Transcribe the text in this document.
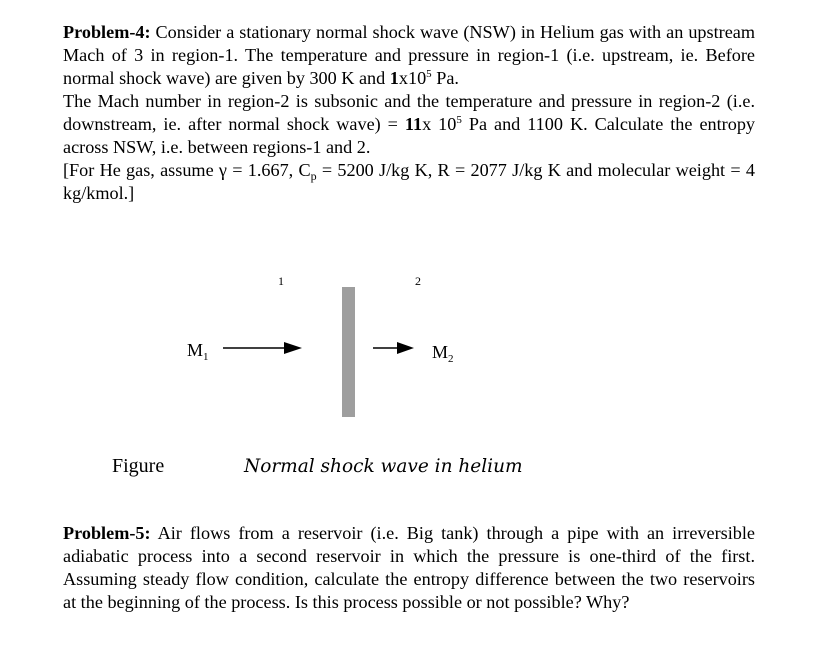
Problem-4: Consider a stationary normal shock wave (NSW) in Helium gas with an upstream Mach of 3 in region-1. The temperature and pressure in region-1 (i.e. upstream, ie. Before normal shock wave) are given by 300 K and $1x10^5$ Pa.

The Mach number in region-2 is subsonic and the temperature and pressure in region-2 (i.e. downstream, ie. after normal shock wave) = 11x $10^5$ Pa and 1100 K. Calculate the entropy across NSW, i.e. between regions-1 and 2.

[For He gas, assume γ = 1.667, $C_p = 5200$ J/kg K, R = 2077 J/kg K and molecular weight = 4 kg/kmol.]

1	2
$M_1$	$M_2$
Figure	Normal shock wave in helium

Problem-5: Air flows from a reservoir (i.e. Big tank) through a pipe with an irreversible adiabatic process into a second reservoir in which the pressure is one-third of the first. Assuming steady flow condition, calculate the entropy difference between the two reservoirs at the beginning of the process. Is this process possible or not possible? Why?
